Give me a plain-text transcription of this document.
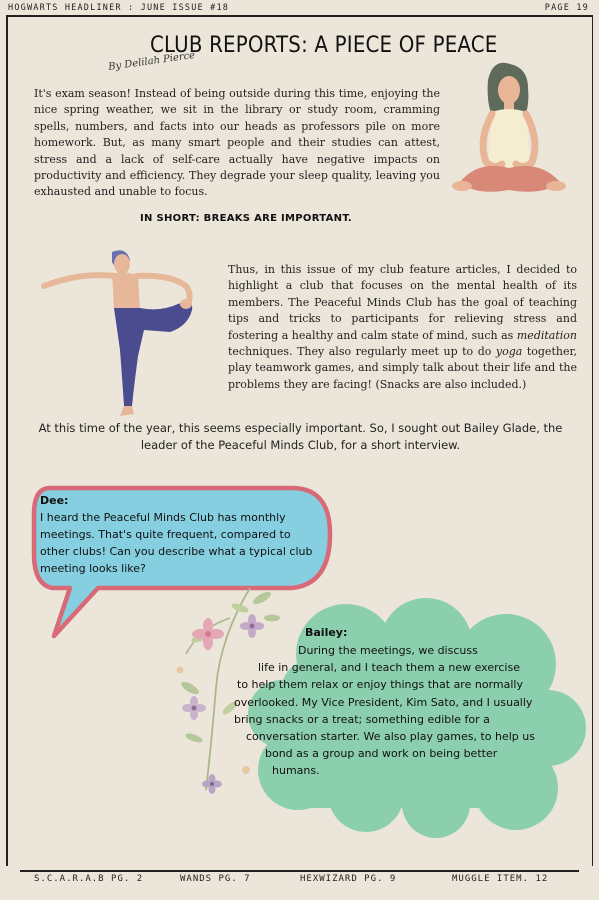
HOGWARTS HEADLINER : JUNE ISSUE #18	PAGE 19
CLUB REPORTS: A PIECE OF PEACE
By Delilah Pierce

It's exam season! Instead of being outside during this time, enjoying the nice spring weather, we sit in the library or study room, cramming spells, numbers, and facts into our heads as professors pile on more homework. But, as many smart people and their studies can attest, stress and a lack of self-care actually have negative impacts on productivity and efficiency. They degrade your sleep quality, leaving you exhausted and unable to focus.

IN SHORT: BREAKS ARE IMPORTANT.

Thus, in this issue of my club feature articles, I decided to highlight a club that focuses on the mental health of its members. The Peaceful Minds Club has the goal of teaching tips and tricks to participants for relieving stress and fostering a healthy and calm state of mind, such as meditation techniques. They also regularly meet up to do yoga together, play teamwork games, and simply talk about their life and the problems they are facing! (Snacks are also included.)

At this time of the year, this seems especially important. So, I sought out Bailey Glade, the leader of the Peaceful Minds Club, for a short interview.

Dee:
I heard the Peaceful Minds Club has monthly meetings. That's quite frequent, compared to other clubs! Can you describe what a typical club meeting looks like?
Bailey:
During the meetings, we discuss
life in general, and I teach them a new exercise
to help them relax or enjoy things that are normally
overlooked. My Vice President, Kim Sato, and I usually
bring snacks or a treat; something edible for a
conversation starter. We also play games, to help us
bond as a group and work on being better
humans.
S.C.A.R.A.B PG. 2	WANDS PG. 7	HEXWIZARD PG. 9	MUGGLE ITEM. 12
